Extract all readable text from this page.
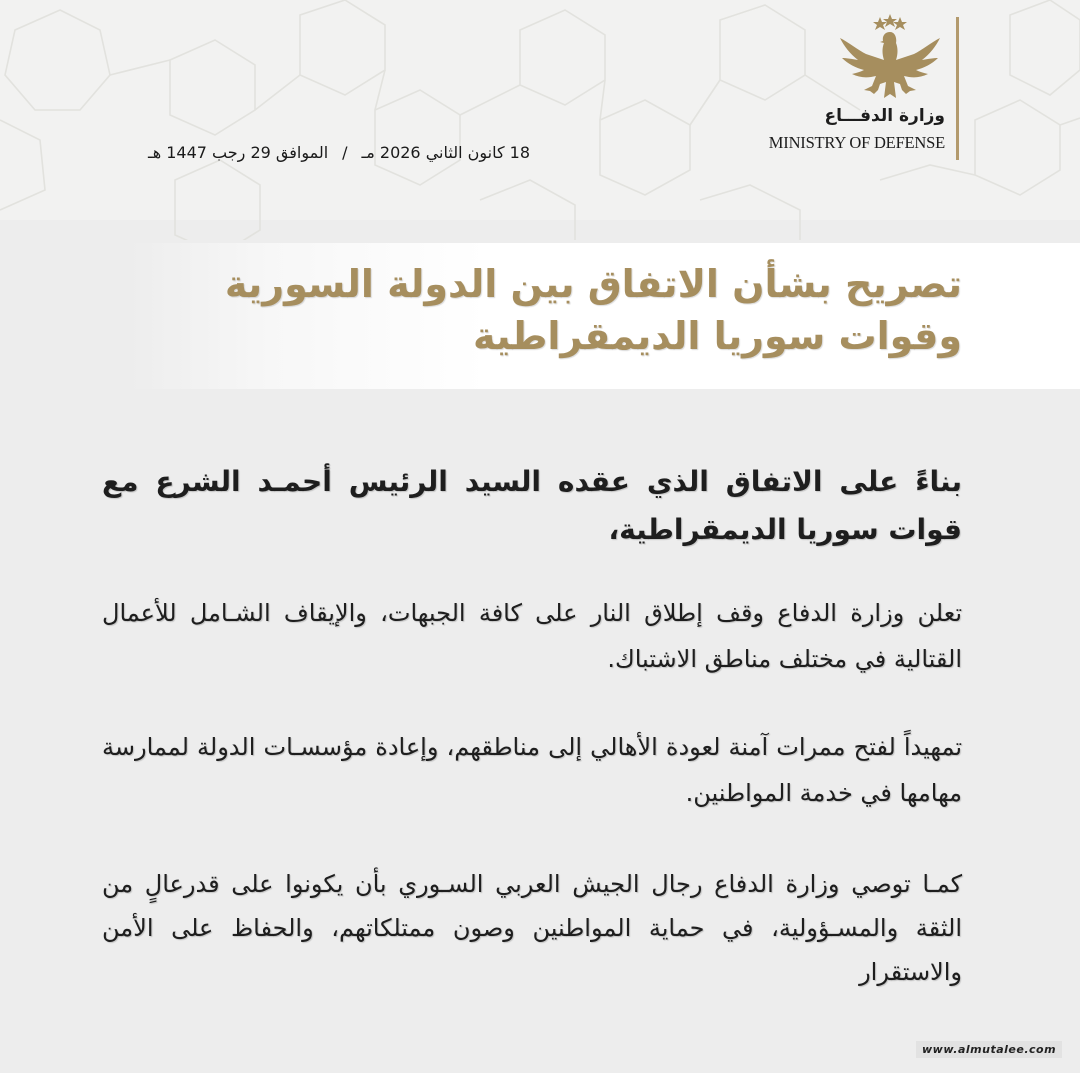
وزارة الدفـــاع
MINISTRY OF DEFENSE
18 كانون الثاني 2026 مـ/الموافق 29 رجب 1447 هـ
تصريح بشأن الاتفاق بين الدولة السورية
وقوات سوريا الديمقراطية
بناءً على الاتفاق الذي عقده السيد الرئيس أحمـد الشرع مع قوات سوريا الديمقراطية،
تعلن وزارة الدفاع وقف إطلاق النار على كافة الجبهات، والإيقاف الشـامل للأعمال القتالية في مختلف مناطق الاشتباك.
تمهيداً لفتح ممرات آمنة لعودة الأهالي إلى مناطقهم، وإعادة مؤسسـات الدولة لممارسة مهامها في خدمة المواطنين.
كمـا توصي وزارة الدفاع رجال الجيش العربي السـوري بأن يكونوا على قدرعالٍ من الثقة والمسـؤولية، في حماية المواطنين وصون ممتلكاتهم، والحفاظ على الأمن والاستقرار
www.almutalee.com
